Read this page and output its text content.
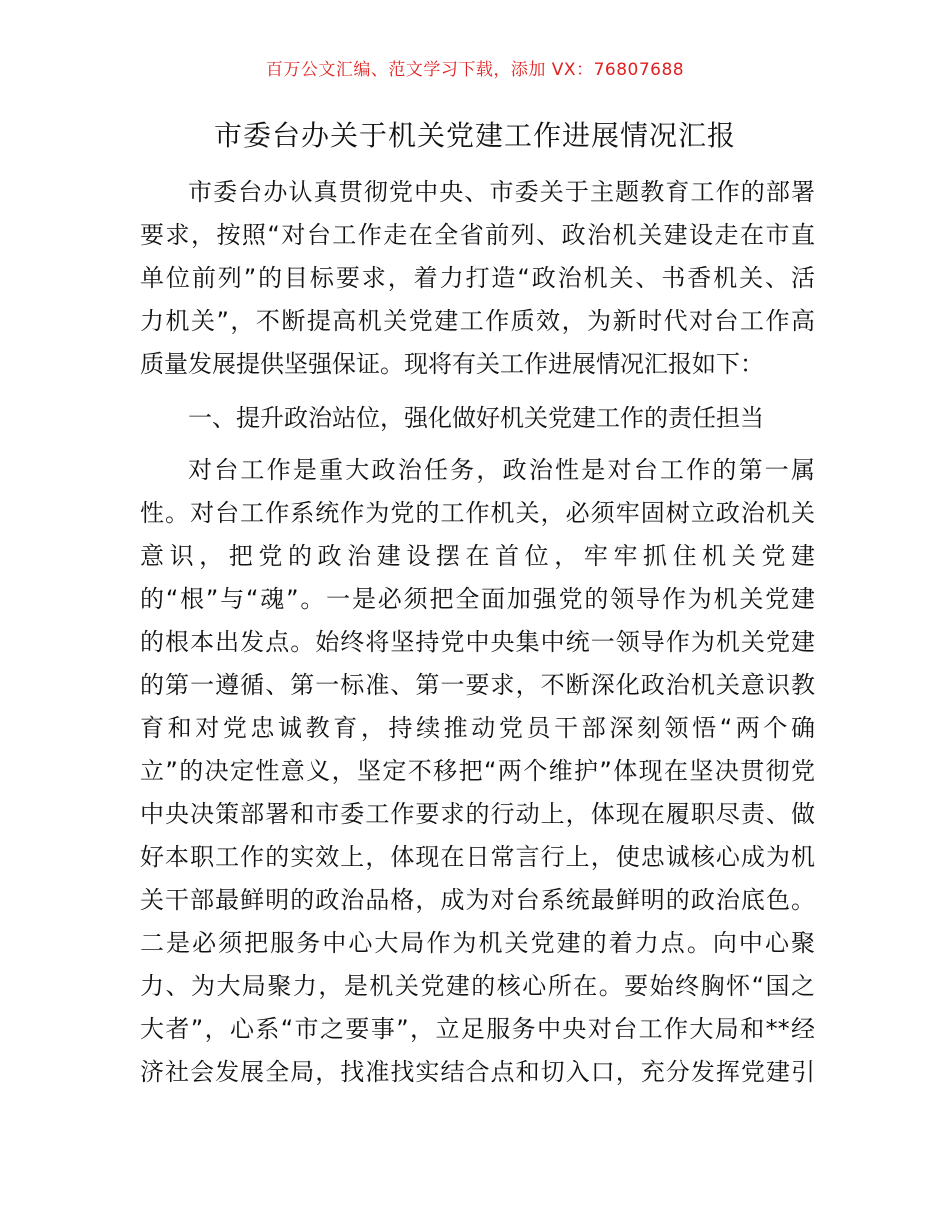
百万公文汇编、范文学习下载，添加 VX：76807688
市委台办关于机关党建工作进展情况汇报
市委台办认真贯彻党中央、市委关于主题教育工作的部署
要求，按照“对台工作走在全省前列、政治机关建设走在市直
单位前列”的目标要求，着力打造“政治机关、书香机关、活
力机关”，不断提高机关党建工作质效，为新时代对台工作高
质量发展提供坚强保证。现将有关工作进展情况汇报如下：
一、提升政治站位，强化做好机关党建工作的责任担当
对台工作是重大政治任务，政治性是对台工作的第一属
性。对台工作系统作为党的工作机关，必须牢固树立政治机关
意识，把党的政治建设摆在首位，牢牢抓住机关党建
的“根”与“魂”。一是必须把全面加强党的领导作为机关党建
的根本出发点。始终将坚持党中央集中统一领导作为机关党建
的第一遵循、第一标准、第一要求，不断深化政治机关意识教
育和对党忠诚教育，持续推动党员干部深刻领悟“两个确
立”的决定性意义，坚定不移把“两个维护”体现在坚决贯彻党
中央决策部署和市委工作要求的行动上，体现在履职尽责、做
好本职工作的实效上，体现在日常言行上，使忠诚核心成为机
关干部最鲜明的政治品格，成为对台系统最鲜明的政治底色。
二是必须把服务中心大局作为机关党建的着力点。向中心聚
力、为大局聚力，是机关党建的核心所在。要始终胸怀“国之
大者”，心系“市之要事”，立足服务中央对台工作大局和**经
济社会发展全局，找准找实结合点和切入口，充分发挥党建引
